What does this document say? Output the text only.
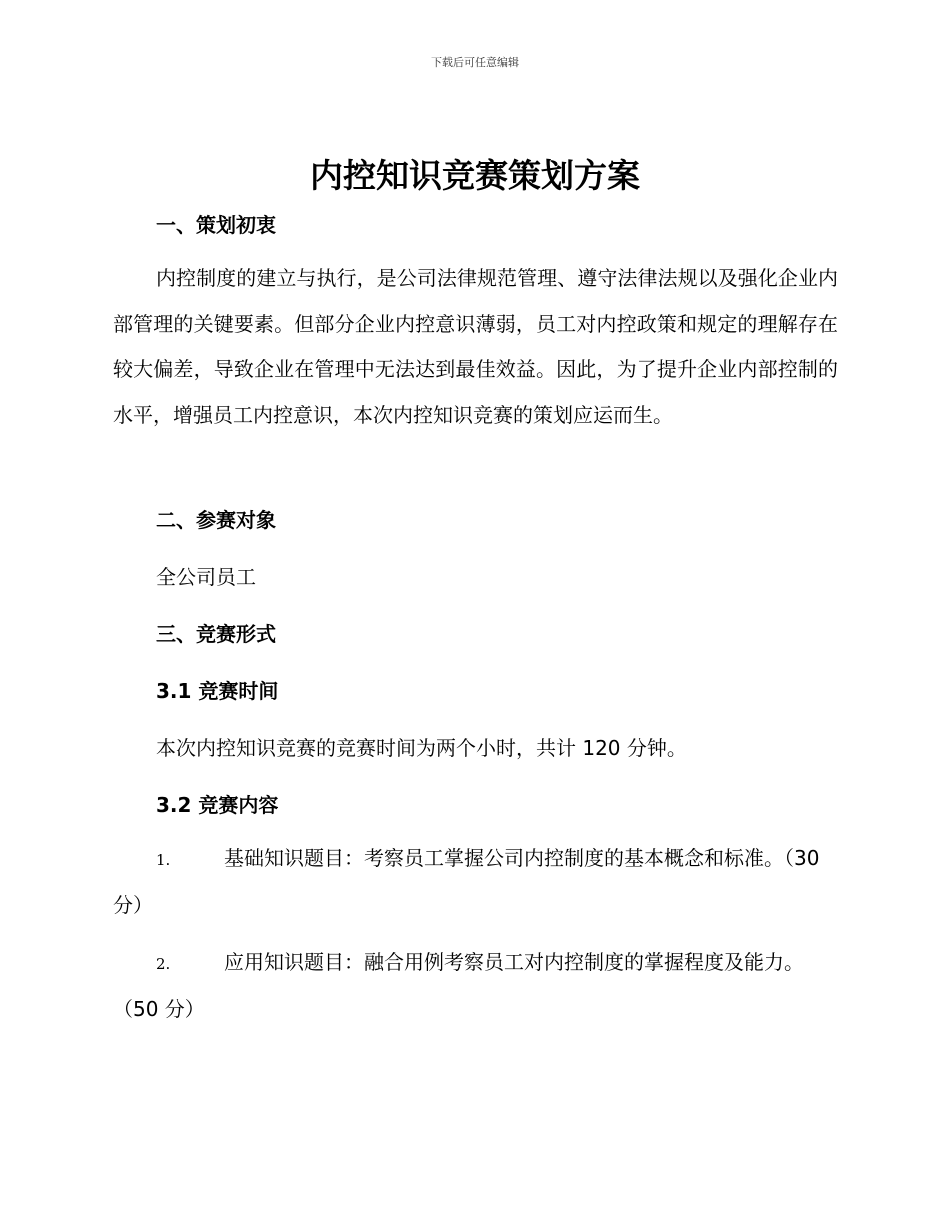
下载后可任意编辑
内控知识竞赛策划方案
一、策划初衷

内控制度的建立与执行，是公司法律规范管理、遵守法律法规以及强化企业内部管理的关键要素。但部分企业内控意识薄弱，员工对内控政策和规定的理解存在较大偏差，导致企业在管理中无法达到最佳效益。因此，为了提升企业内部控制的水平，增强员工内控意识，本次内控知识竞赛的策划应运而生。

二、参赛对象
全公司员工
三、竞赛形式
3.1 竞赛时间
本次内控知识竞赛的竞赛时间为两个小时，共计 120 分钟。
3.2 竞赛内容
1.	基础知识题目：考察员工掌握公司内控制度的基本概念和标准。（30 分）
2.	应用知识题目：融合用例考察员工对内控制度的掌握程度及能力。（50 分）
